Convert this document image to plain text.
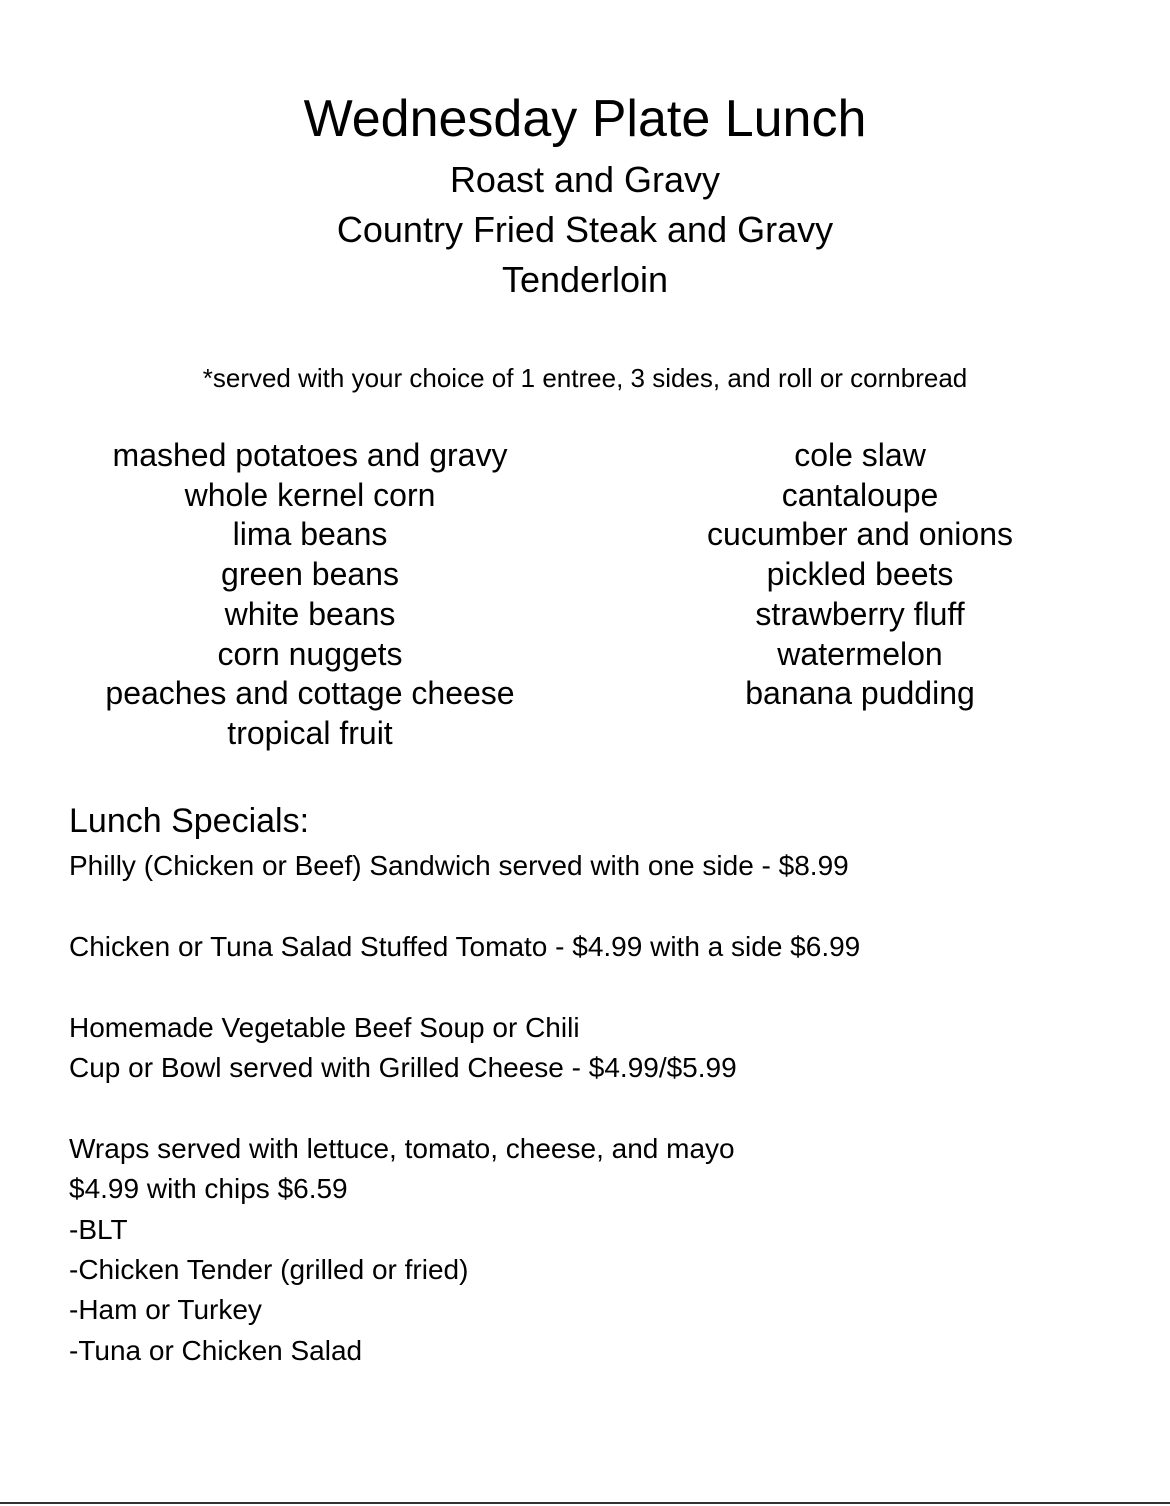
Wednesday Plate Lunch
Roast and Gravy
Country Fried Steak and Gravy
Tenderloin
*served with your choice of 1 entree, 3 sides, and roll or cornbread
mashed potatoes and gravy
whole kernel corn
lima beans
green beans
white beans
corn nuggets
peaches and cottage cheese
tropical fruit
cole slaw
cantaloupe
cucumber and onions
pickled beets
strawberry fluff
watermelon
banana pudding
Lunch Specials:
Philly (Chicken or Beef) Sandwich served with one side - $8.99
Chicken or Tuna Salad Stuffed Tomato - $4.99 with a side $6.99
Homemade Vegetable Beef Soup or Chili
Cup or Bowl served with Grilled Cheese - $4.99/$5.99
Wraps served with lettuce, tomato, cheese, and mayo
$4.99 with chips $6.59
-BLT
-Chicken Tender (grilled or fried)
-Ham or Turkey
-Tuna or Chicken Salad
